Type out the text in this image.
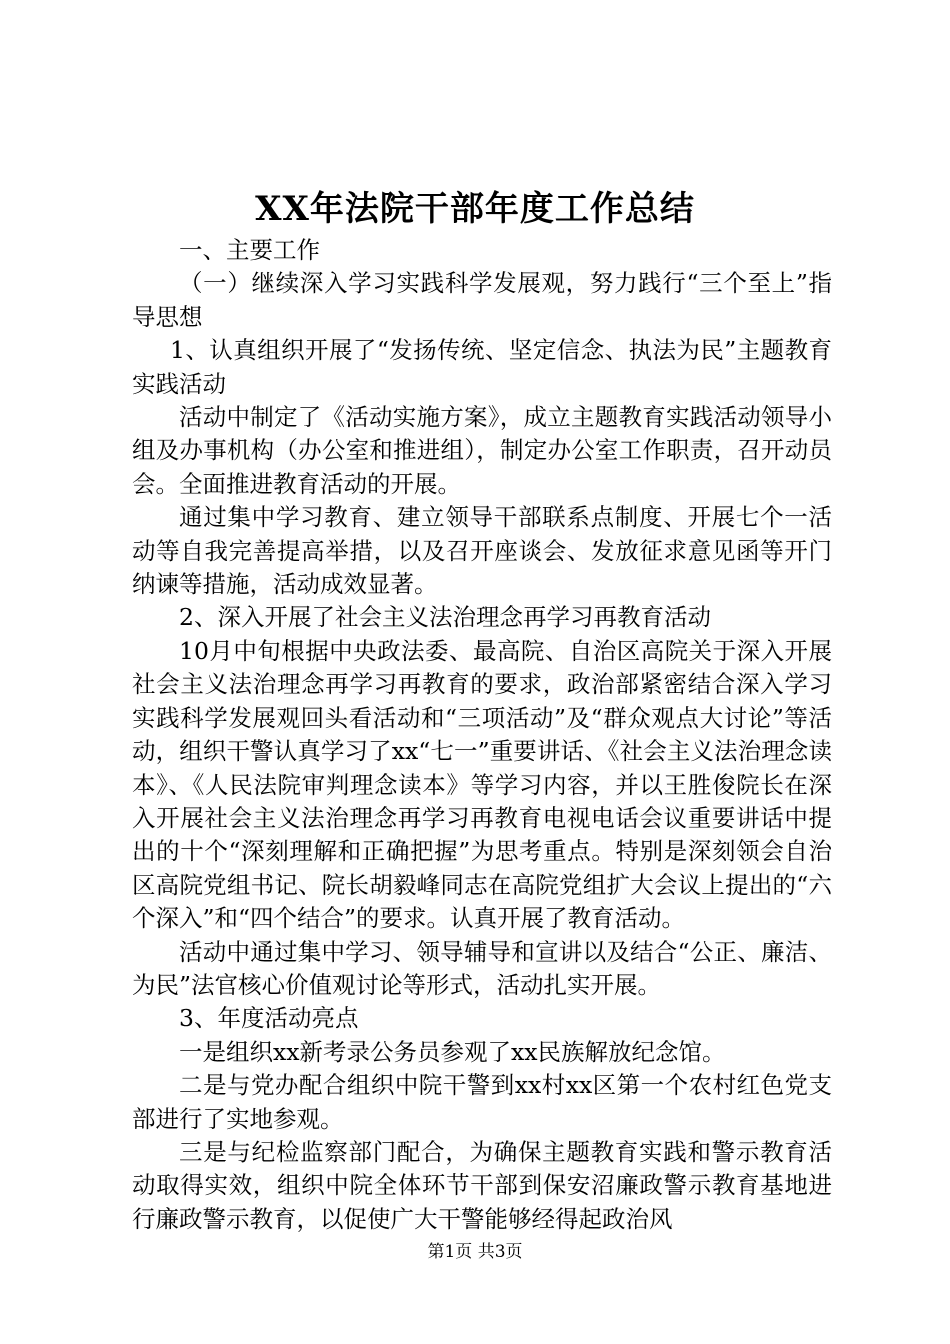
XX年法院干部年度工作总结

一、主要工作

（一）继续深入学习实践科学发展观，努力践行“三个至上”指导思想

1、认真组织开展了“发扬传统、坚定信念、执法为民”主题教育实践活动

活动中制定了《活动实施方案》，成立主题教育实践活动领导小组及办事机构（办公室和推进组），制定办公室工作职责，召开动员会。全面推进教育活动的开展。

通过集中学习教育、建立领导干部联系点制度、开展七个一活动等自我完善提高举措，以及召开座谈会、发放征求意见函等开门纳谏等措施，活动成效显著。

2、深入开展了社会主义法治理念再学习再教育活动

10月中旬根据中央政法委、最高院、自治区高院关于深入开展社会主义法治理念再学习再教育的要求，政治部紧密结合深入学习实践科学发展观回头看活动和“三项活动”及“群众观点大讨论”等活动，组织干警认真学习了xx“七一”重要讲话、《社会主义法治理念读本》、《人民法院审判理念读本》等学习内容，并以王胜俊院长在深入开展社会主义法治理念再学习再教育电视电话会议重要讲话中提出的十个“深刻理解和正确把握”为思考重点。特别是深刻领会自治区高院党组书记、院长胡毅峰同志在高院党组扩大会议上提出的“六个深入”和“四个结合”的要求。认真开展了教育活动。

活动中通过集中学习、领导辅导和宣讲以及结合“公正、廉洁、为民”法官核心价值观讨论等形式，活动扎实开展。

3、年度活动亮点

一是组织xx新考录公务员参观了xx民族解放纪念馆。

二是与党办配合组织中院干警到xx村xx区第一个农村红色党支部进行了实地参观。

三是与纪检监察部门配合，为确保主题教育实践和警示教育活动取得实效，组织中院全体环节干部到保安沼廉政警示教育基地进行廉政警示教育，以促使广大干警能够经得起政治风

第1页 共3页
